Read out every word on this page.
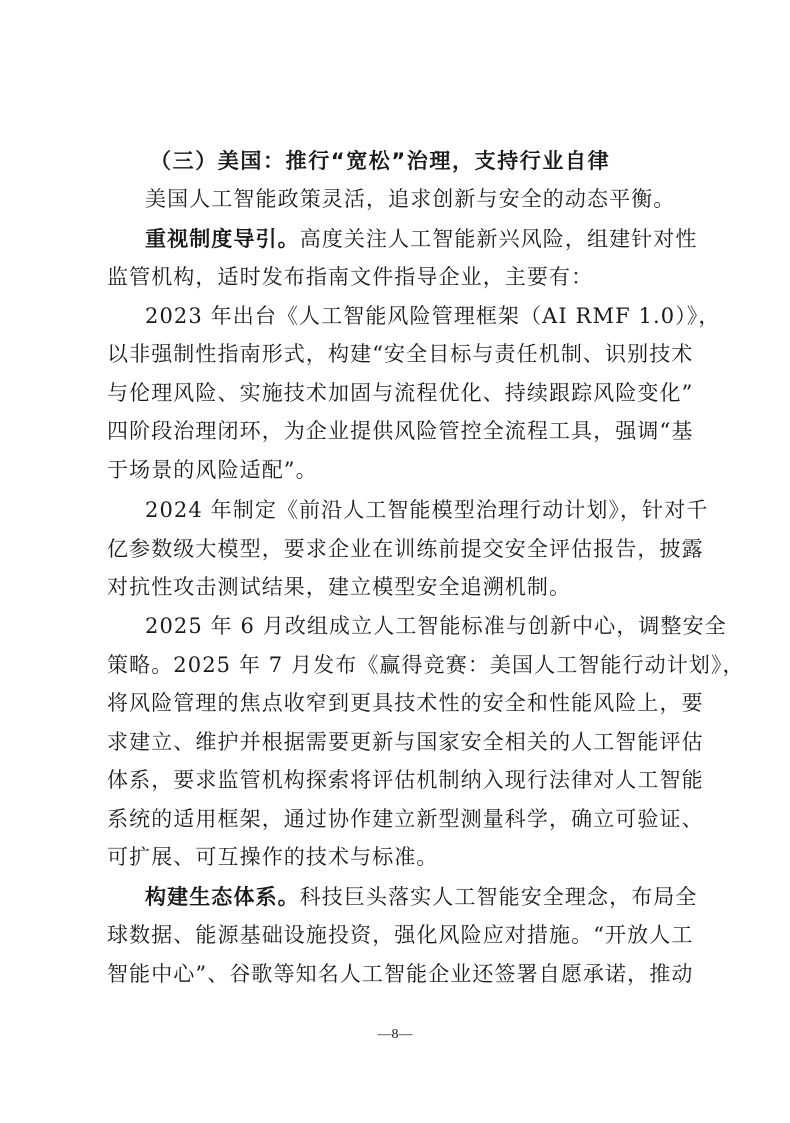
（三）美国：推行“宽松”治理，支持行业自律
美国人工智能政策灵活，追求创新与安全的动态平衡。
重视制度导引。高度关注人工智能新兴风险，组建针对性
监管机构，适时发布指南文件指导企业，主要有：
2023 年出台《人工智能风险管理框架（AI RMF 1.0）》，
以非强制性指南形式，构建“安全目标与责任机制、识别技术
与伦理风险、实施技术加固与流程优化、持续跟踪风险变化”
四阶段治理闭环，为企业提供风险管控全流程工具，强调“基
于场景的风险适配”。
2024 年制定《前沿人工智能模型治理行动计划》，针对千
亿参数级大模型，要求企业在训练前提交安全评估报告，披露
对抗性攻击测试结果，建立模型安全追溯机制。
2025 年 6 月改组成立人工智能标准与创新中心，调整安全
策略。2025 年 7 月发布《赢得竞赛：美国人工智能行动计划》，
将风险管理的焦点收窄到更具技术性的安全和性能风险上，要
求建立、维护并根据需要更新与国家安全相关的人工智能评估
体系，要求监管机构探索将评估机制纳入现行法律对人工智能
系统的适用框架，通过协作建立新型测量科学，确立可验证、
可扩展、可互操作的技术与标准。
构建生态体系。科技巨头落实人工智能安全理念，布局全
球数据、能源基础设施投资，强化风险应对措施。“开放人工
智能中心”、谷歌等知名人工智能企业还签署自愿承诺，推动
—8—
